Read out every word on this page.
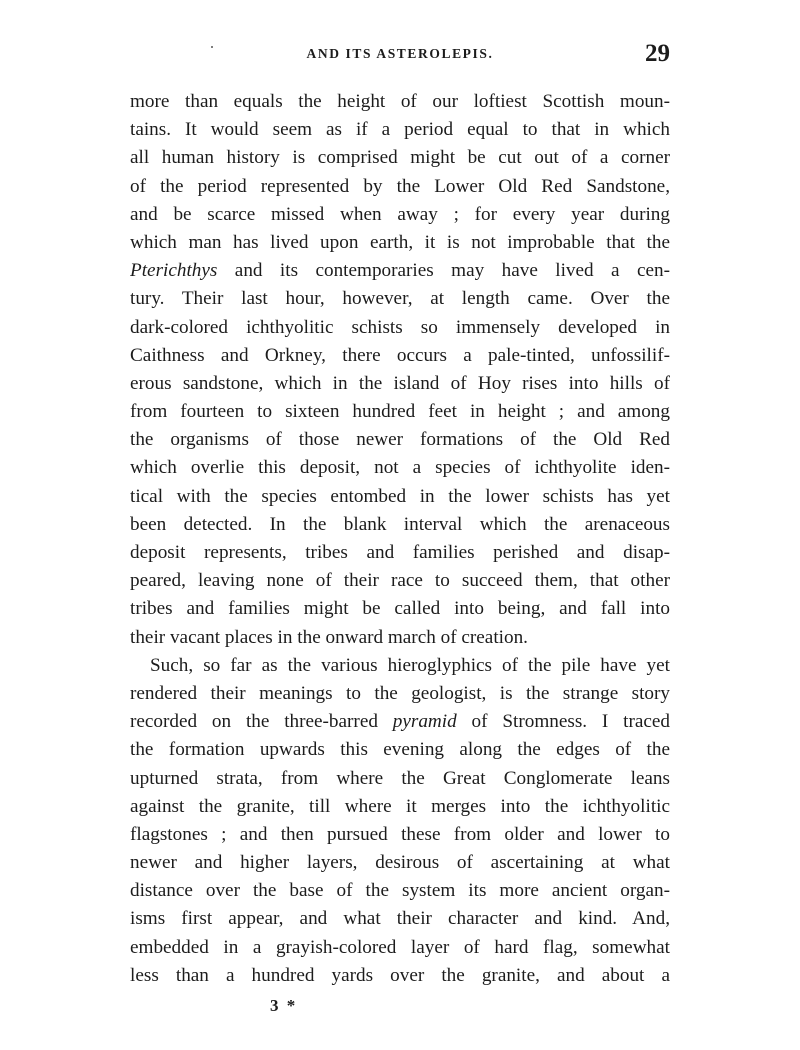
AND ITS ASTEROLEPIS.	29
more than equals the height of our loftiest Scottish moun-
tains. It would seem as if a period equal to that in which
all human history is comprised might be cut out of a corner
of the period represented by the Lower Old Red Sandstone,
and be scarce missed when away ; for every year during
which man has lived upon earth, it is not improbable that the
Pterichthys and its contemporaries may have lived a cen-
tury. Their last hour, however, at length came. Over the
dark-colored ichthyolitic schists so immensely developed in
Caithness and Orkney, there occurs a pale-tinted, unfossilif-
erous sandstone, which in the island of Hoy rises into hills of
from fourteen to sixteen hundred feet in height ; and among
the organisms of those newer formations of the Old Red
which overlie this deposit, not a species of ichthyolite iden-
tical with the species entombed in the lower schists has yet
been detected. In the blank interval which the arenaceous
deposit represents, tribes and families perished and disap-
peared, leaving none of their race to succeed them, that other
tribes and families might be called into being, and fall into
their vacant places in the onward march of creation.
Such, so far as the various hieroglyphics of the pile have yet
rendered their meanings to the geologist, is the strange story
recorded on the three-barred pyramid of Stromness. I traced
the formation upwards this evening along the edges of the
upturned strata, from where the Great Conglomerate leans
against the granite, till where it merges into the ichthyolitic
flagstones ; and then pursued these from older and lower to
newer and higher layers, desirous of ascertaining at what
distance over the base of the system its more ancient organ-
isms first appear, and what their character and kind. And,
embedded in a grayish-colored layer of hard flag, somewhat
less than a hundred yards over the granite, and about a
3 *
